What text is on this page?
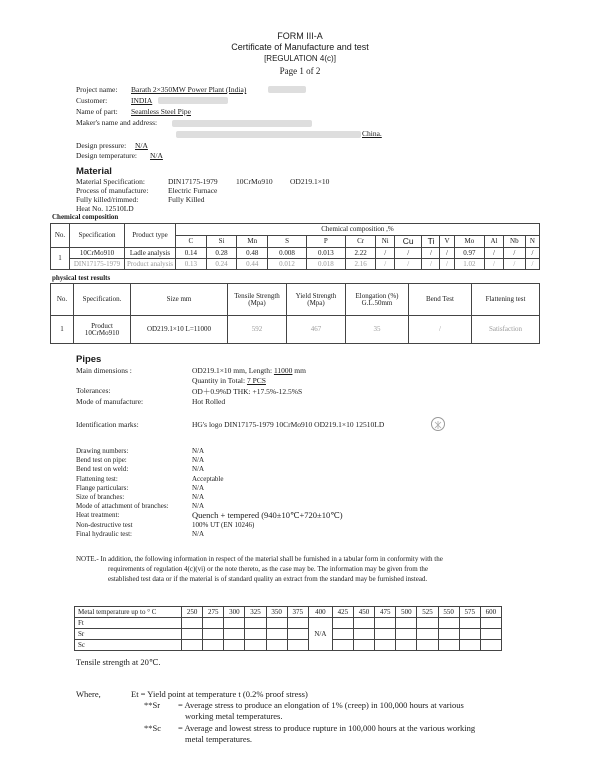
FORM III-A
Certificate of Manufacture and test
[REGULATION 4(c)]
Page 1 of 2
Project name: Barath 2×350MW Power Plant (India)
Customer:	INDIA
Name of part: Seamless Steel Pipe
Maker's name and address:
China.
Design pressure: N/A
Design temperature: N/A
Material
Material Specification:	DIN17175-1979 10CrMo910 OD219.1×10
Process of manufacture:	Electric Furnace
Fully killed/rimmed:	Fully Killed
Heat No. 12510LD
Chemical composition
No.	Specification	Product type	Chemical composition ,%													
			C	Si	Mn	S	P	Cr	Ni	Cu	Ti	V	Mo	Al	Nb	N
1	10CrMo910	Ladle analysis	0.14	0.28	0.48	0.008	0.013	2.22	/	/	/	/	0.97	/	/	/
	DIN17175-1979	Product analysis	0.13	0.24	0.44	0.012	0.018	2.16	/	/	/	/	1.02	/	/	/
physical test results
No.	Specification.	Size mm	Tensile Strength (Mpa)	Yield Strength (Mpa)	Elongation (%) G.L.50mm	Bend Test	Flattening test
1	Product 10CrMo910	OD219.1×10 L=11000	592	467	35	/	Satisfaction
Pipes
Main dimensions :	OD219.1×10 mm, Length: 11000 mm
Quantity in Total: 7 PCS
Tolerances:	OD＋0.9%D THK: +17.5%-12.5%S
Mode of manufacture:	Hot Rolled
Identification marks:	HG's logo DIN17175-1979 10CrMo910 OD219.1×10 12510LD
Drawing numbers:	N/A
Bend test on pipe:	N/A
Bend test on weld:	N/A
Flattening test:	Acceptable
Flange particulars:	N/A
Size of branches:	N/A
Mode of attachment of branches:	N/A
Heat treatment:	Quench + tempered (940±10℃+720±10℃)
Non-destructive test	100% UT (EN 10246)
Final hydraulic test:	N/A
NOTE.- In addition, the following information in respect of the material shall be furnished in a tabular form in conformity with the
requirements of regulation 4(c)(vi) or the note thereto, as the case may be. The information may be given from the
established test data or if the material is of standard quality an extract from the standard may be furnished instead.
Metal temperature up to ° C	250	275	300	325	350	375	400	425	450	475	500	525	550	575	600
Ft							N/A								
Sr															
Sc															
Tensile strength at 20℃.
Where,	Et = Yield point at temperature t (0.2% proof stress)
**Sr = Average stress to produce an elongation of 1% (creep) in 100,000 hours at various
working metal temperatures.
**Sc = Average and lowest stress to produce rupture in 100,000 hours at the various working
metal temperatures.
